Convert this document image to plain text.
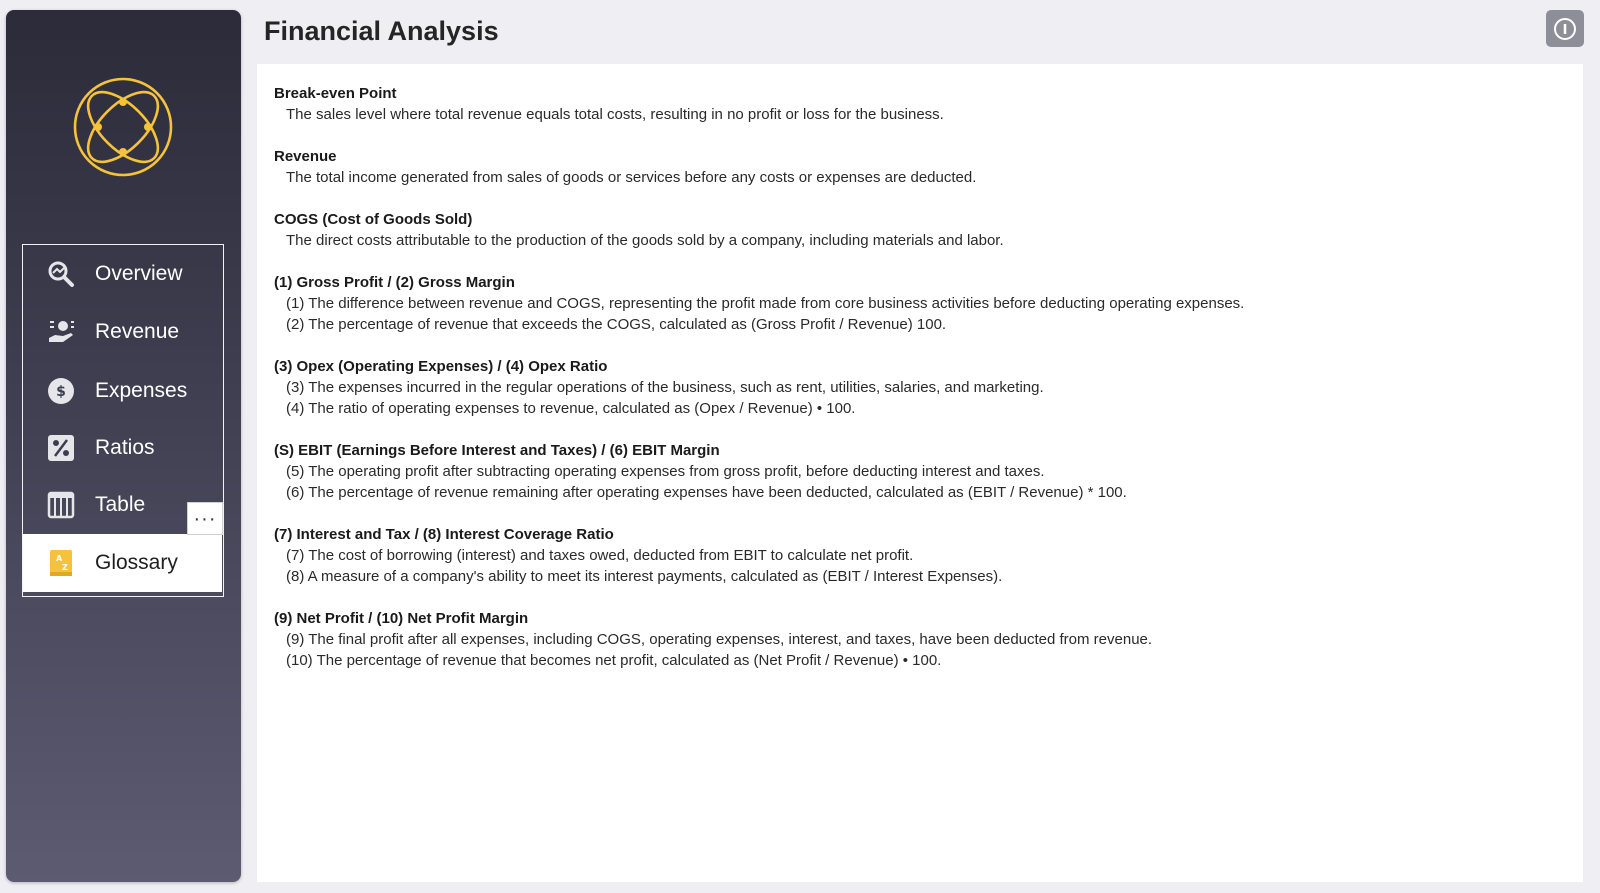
Overview
Revenue
$ Expenses
Ratios
Table
A
Z Glossary
···
Financial Analysis
Break-even Point
The sales level where total revenue equals total costs, resulting in no profit or loss for the business.
Revenue
The total income generated from sales of goods or services before any costs or expenses are deducted.
COGS (Cost of Goods Sold)
The direct costs attributable to the production of the goods sold by a company, including materials and labor.
(1) Gross Profit / (2) Gross Margin
(1) The difference between revenue and COGS, representing the profit made from core business activities before deducting operating expenses.
(2) The percentage of revenue that exceeds the COGS, calculated as (Gross Profit / Revenue) 100.
(3) Opex (Operating Expenses) / (4) Opex Ratio
(3) The expenses incurred in the regular operations of the business, such as rent, utilities, salaries, and marketing.
(4) The ratio of operating expenses to revenue, calculated as (Opex / Revenue) • 100.
(S) EBIT (Earnings Before Interest and Taxes) / (6) EBIT Margin
(5) The operating profit after subtracting operating expenses from gross profit, before deducting interest and taxes.
(6) The percentage of revenue remaining after operating expenses have been deducted, calculated as (EBIT / Revenue) * 100.
(7) Interest and Tax / (8) Interest Coverage Ratio
(7) The cost of borrowing (interest) and taxes owed, deducted from EBIT to calculate net profit.
(8) A measure of a company's ability to meet its interest payments, calculated as (EBIT / Interest Expenses).
(9) Net Profit / (10) Net Profit Margin
(9) The final profit after all expenses, including COGS, operating expenses, interest, and taxes, have been deducted from revenue.
(10) The percentage of revenue that becomes net profit, calculated as (Net Profit / Revenue) • 100.
